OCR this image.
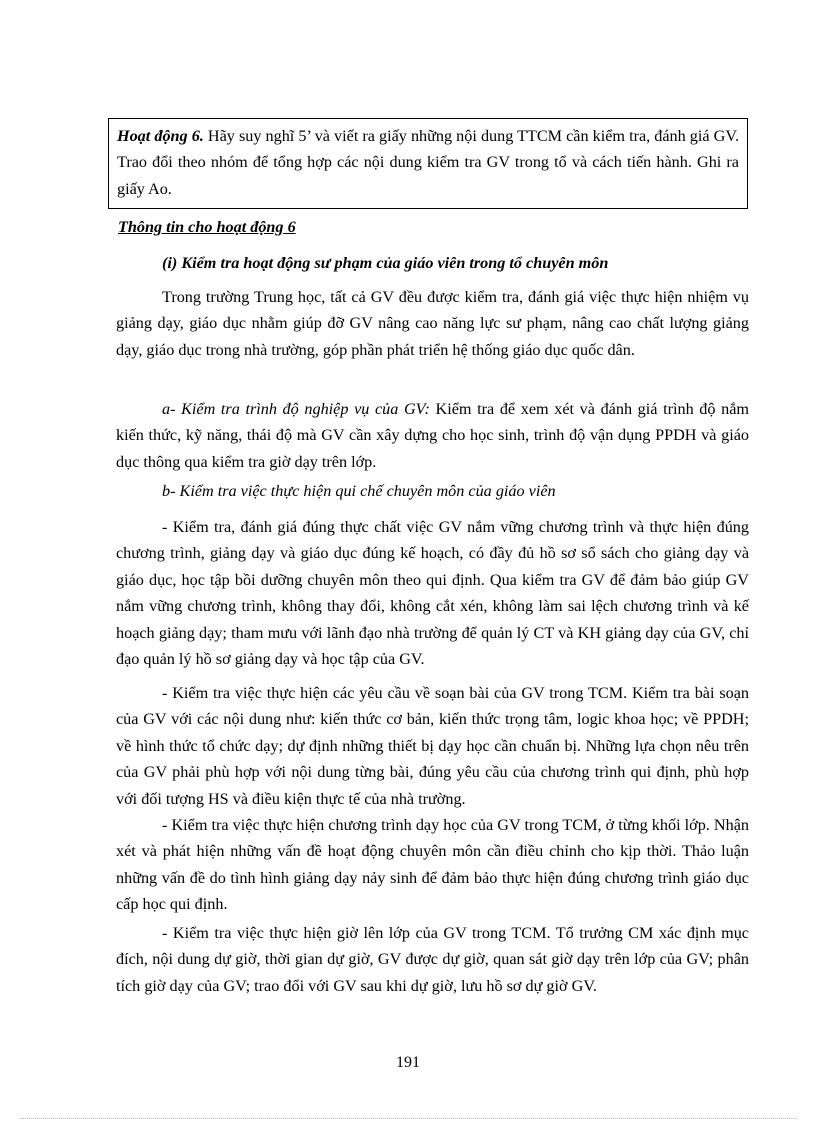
Hoạt động 6. Hãy suy nghĩ 5’ và viết ra giấy những nội dung TTCM cần kiểm tra, đánh giá GV. Trao đổi theo nhóm để tổng hợp các nội dung kiểm tra GV trong tổ và cách tiến hành. Ghi ra giấy Ao.
Thông tin cho hoạt động 6
(i) Kiểm tra hoạt động sư phạm của giáo viên trong tổ chuyên môn

Trong trường Trung học, tất cả GV đều được kiểm tra, đánh giá việc thực hiện nhiệm vụ giảng dạy, giáo dục nhằm giúp đỡ GV nâng cao năng lực sư phạm, nâng cao chất lượng giảng dạy, giáo dục trong nhà trường, góp phần phát triển hệ thống giáo dục quốc dân.

a- Kiểm tra trình độ nghiệp vụ của GV: Kiểm tra để xem xét và đánh giá trình độ nắm kiến thức, kỹ năng, thái độ mà GV cần xây dựng cho học sinh, trình độ vận dụng PPDH và giáo dục thông qua kiểm tra giờ dạy trên lớp.

b- Kiểm tra việc thực hiện qui chế chuyên môn của giáo viên

- Kiểm tra, đánh giá đúng thực chất việc GV nắm vững chương trình và thực hiện đúng chương trình, giảng dạy và giáo dục đúng kế hoạch, có đầy đủ hồ sơ sổ sách cho giảng dạy và giáo dục, học tập bồi dưỡng chuyên môn theo qui định. Qua kiểm tra GV để đảm bảo giúp GV nắm vững chương trình, không thay đổi, không cắt xén, không làm sai lệch chương trình và kế hoạch giảng dạy; tham mưu với lãnh đạo nhà trường để quản lý CT và KH giảng dạy của GV, chỉ đạo quản lý hồ sơ giảng dạy và học tập của GV.

- Kiểm tra việc thực hiện các yêu cầu về soạn bài của GV trong TCM. Kiểm tra bài soạn của GV với các nội dung như: kiến thức cơ bản, kiến thức trọng tâm, logic khoa học; về PPDH; về hình thức tổ chức dạy; dự định những thiết bị dạy học cần chuẩn bị. Những lựa chọn nêu trên của GV phải phù hợp với nội dung từng bài, đúng yêu cầu của chương trình qui định, phù hợp với đối tượng HS và điều kiện thực tế của nhà trường.

- Kiểm tra việc thực hiện chương trình dạy học của GV trong TCM, ở từng khối lớp. Nhận xét và phát hiện những vấn đề hoạt động chuyên môn cần điều chỉnh cho kịp thời. Thảo luận những vấn đề do tình hình giảng dạy nảy sinh để đảm bảo thực hiện đúng chương trình giáo dục cấp học qui định.

- Kiểm tra việc thực hiện giờ lên lớp của GV trong TCM. Tổ trưởng CM xác định mục đích, nội dung dự giờ, thời gian dự giờ, GV được dự giờ, quan sát giờ dạy trên lớp của GV; phân tích giờ dạy của GV; trao đổi với GV sau khi dự giờ, lưu hồ sơ dự giờ GV.

191
